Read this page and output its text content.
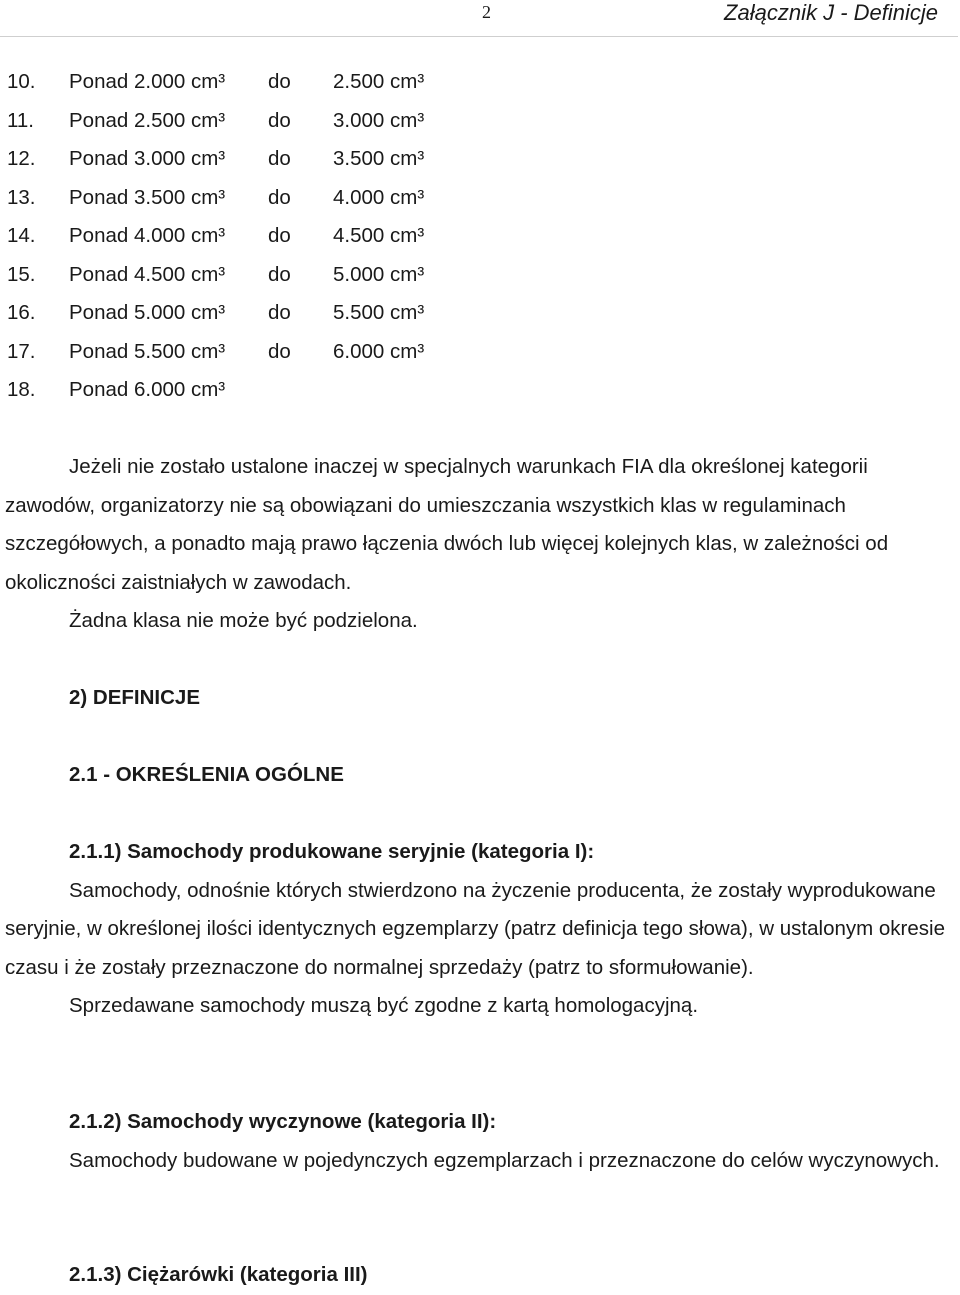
2	Załącznik J - Definicje
10. Ponad 2.000 cm³ do 2.500 cm³
11. Ponad 2.500 cm³ do 3.000 cm³
12. Ponad 3.000 cm³ do 3.500 cm³
13. Ponad 3.500 cm³ do 4.000 cm³
14. Ponad 4.000 cm³ do 4.500 cm³
15. Ponad 4.500 cm³ do 5.000 cm³
16. Ponad 5.000 cm³ do 5.500 cm³
17. Ponad 5.500 cm³ do 6.000 cm³
18. Ponad 6.000 cm³

Jeżeli nie zostało ustalone inaczej w specjalnych warunkach FIA dla określonej kategorii zawodów, organizatorzy nie są obowiązani do umieszczania wszystkich klas w regulaminach szczegółowych, a ponadto mają prawo łączenia dwóch lub więcej kolejnych klas, w zależności od okoliczności zaistniałych w zawodach.

Żadna klasa nie może być podzielona.

2) DEFINICJE

2.1 - OKREŚLENIA OGÓLNE

2.1.1) Samochody produkowane seryjnie (kategoria I):

Samochody, odnośnie których stwierdzono na życzenie producenta, że zostały wyprodukowane seryjnie, w określonej ilości identycznych egzemplarzy (patrz definicja tego słowa), w ustalonym okresie czasu i że zostały przeznaczone do normalnej sprzedaży (patrz to sformułowanie).

Sprzedawane samochody muszą być zgodne z kartą homologacyjną.

2.1.2) Samochody wyczynowe (kategoria II):

Samochody budowane w pojedynczych egzemplarzach i przeznaczone do celów wyczynowych.

2.1.3) Ciężarówki (kategoria III)
